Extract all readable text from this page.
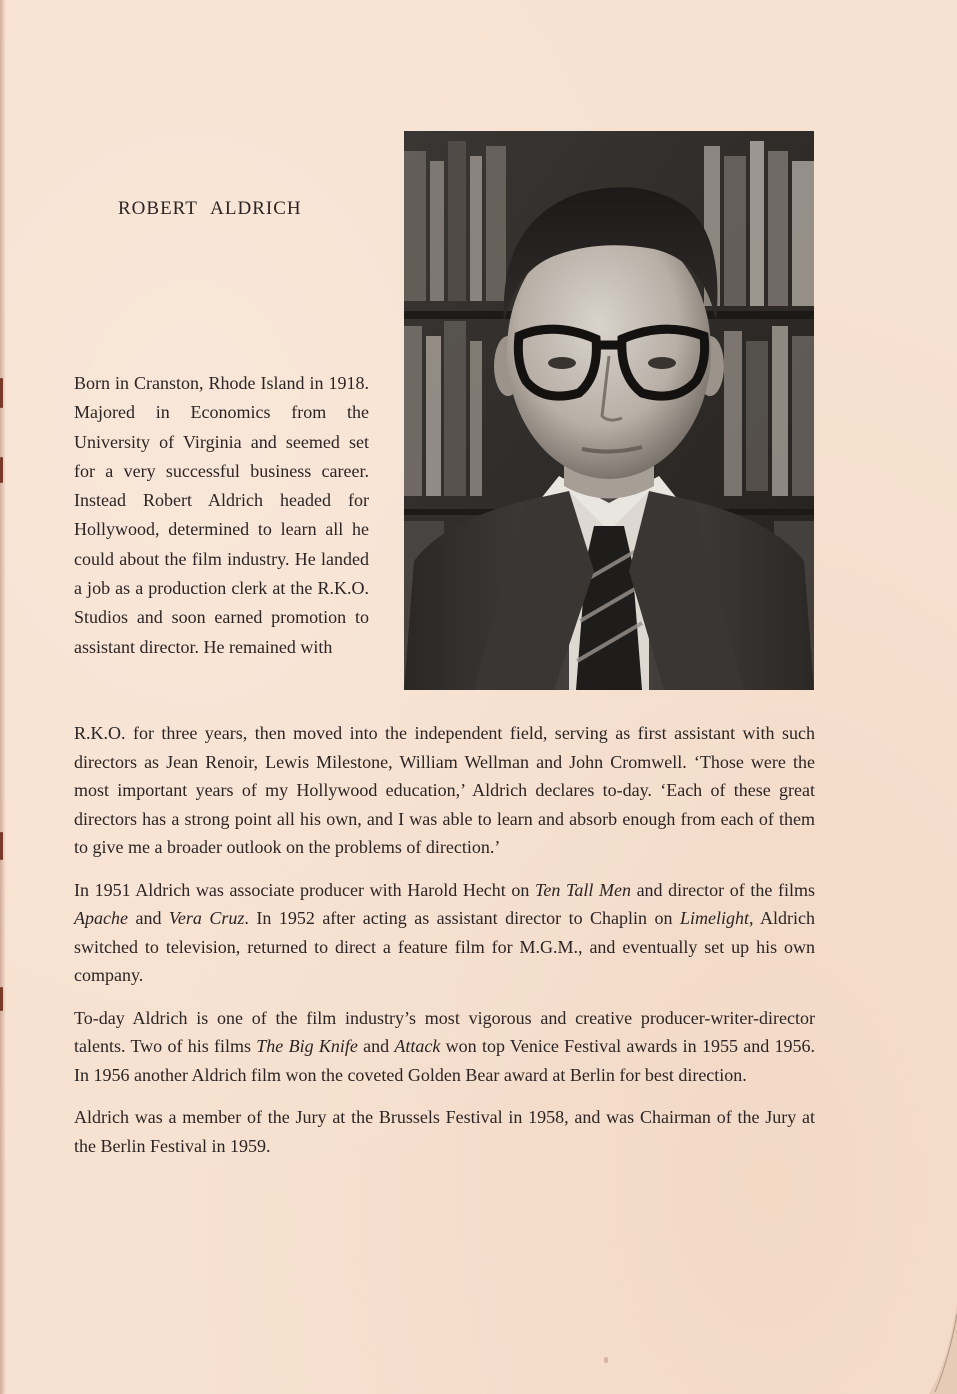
ROBERT ALDRICH

Born in Cranston, Rhode Island in 1918. Majored in Economics from the University of Virginia and seemed set for a very successful business career. Instead Robert Aldrich headed for Hollywood, determined to learn all he could about the film industry. He landed a job as a production clerk at the R.K.O. Studios and soon earned promotion to assistant director. He remained with

R.K.O. for three years, then moved into the independent field, serving as first assistant with such directors as Jean Renoir, Lewis Milestone, William Wellman and John Cromwell. ‘Those were the most important years of my Hollywood education,’ Aldrich declares to-day. ‘Each of these great directors has a strong point all his own, and I was able to learn and absorb enough from each of them to give me a broader outlook on the problems of direction.’

In 1951 Aldrich was associate producer with Harold Hecht on Ten Tall Men and director of the films Apache and Vera Cruz. In 1952 after acting as assistant director to Chaplin on Limelight, Aldrich switched to television, returned to direct a feature film for M.G.M., and eventually set up his own company.

To-day Aldrich is one of the film industry’s most vigorous and creative producer-writer-director talents. Two of his films The Big Knife and Attack won top Venice Festival awards in 1955 and 1956. In 1956 another Aldrich film won the coveted Golden Bear award at Berlin for best direction.

Aldrich was a member of the Jury at the Brussels Festival in 1958, and was Chairman of the Jury at the Berlin Festival in 1959.
